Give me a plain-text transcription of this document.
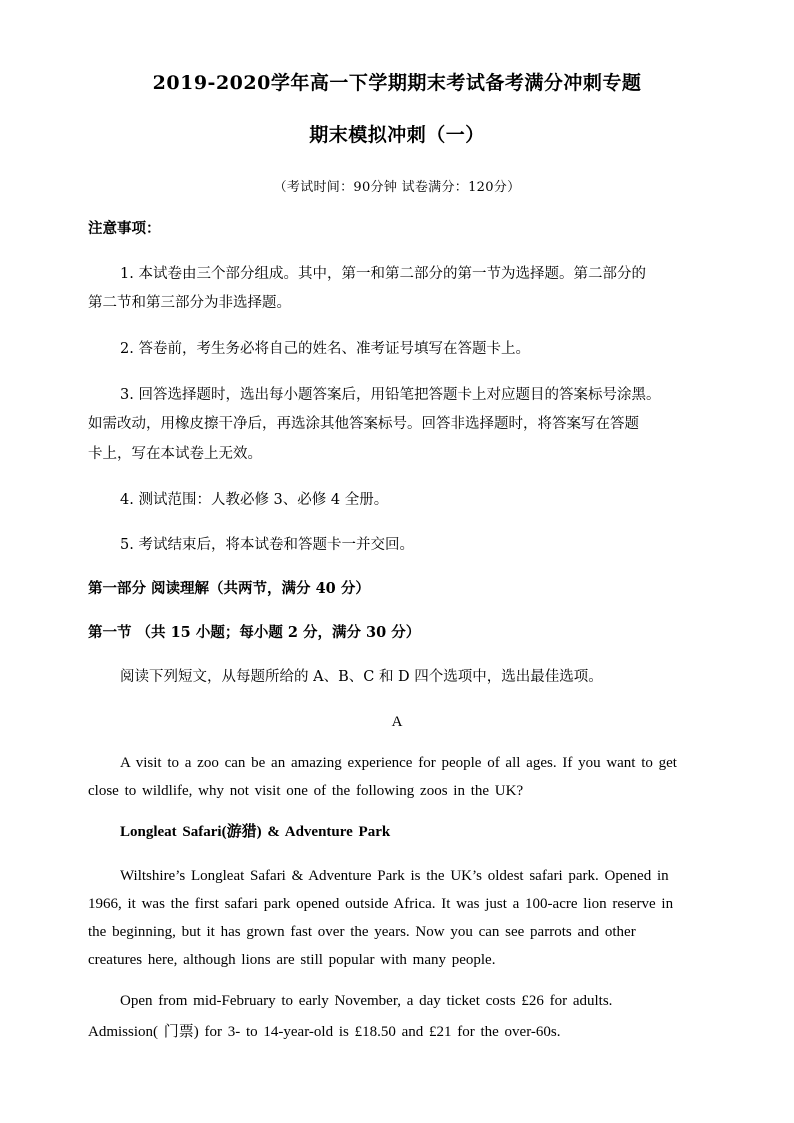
2019-2020学年高一下学期期末考试备考满分冲刺专题
期末模拟冲刺（一）
（考试时间：90分钟 试卷满分：120分）
注意事项：
1. 本试卷由三个部分组成。其中，第一和第二部分的第一节为选择题。第二部分的
第二节和第三部分为非选择题。
2. 答卷前，考生务必将自己的姓名、准考证号填写在答题卡上。
3. 回答选择题时，选出每小题答案后，用铅笔把答题卡上对应题目的答案标号涂黑。
如需改动，用橡皮擦干净后，再选涂其他答案标号。回答非选择题时，将答案写在答题
卡上，写在本试卷上无效。
4. 测试范围：人教必修 3、必修 4 全册。
5. 考试结束后，将本试卷和答题卡一并交回。
第一部分 阅读理解（共两节，满分 40 分）
第一节 （共 15 小题；每小题 2 分，满分 30 分）
阅读下列短文，从每题所给的 A、B、C 和 D 四个选项中，选出最佳选项。
A
A visit to a zoo can be an amazing experience for people of all ages. If you want to get
close to wildlife, why not visit one of the following zoos in the UK?
Longleat Safari(游猎) & Adventure Park
Wiltshire’s Longleat Safari & Adventure Park is the UK’s oldest safari park. Opened in
1966, it was the first safari park opened outside Africa. It was just a 100-acre lion reserve in
the beginning, but it has grown fast over the years. Now you can see parrots and other
creatures here, although lions are still popular with many people.
Open from mid-February to early November, a day ticket costs £26 for adults.
Admission( 门票) for 3- to 14-year-old is £18.50 and £21 for the over-60s.
